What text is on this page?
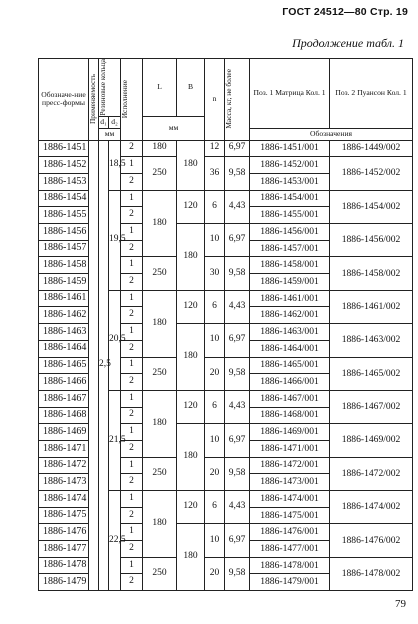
ГОСТ 24512—80 Стр. 19
Продолжение табл. 1
Обозначе-ние пресс-формы	Применяемость	Резиновые кольца		Исполнение	L	B	n	Масса, кг, не более	Поз. 1 Матрица Кол. 1	Поз. 2 Пуансон Кол. 1
		d₁	d₂		мм					
		мм							Обозначения	
1886-1451		2,5	18,5	2	180	180	12	6,97	1886-1451/001	1886-1449/002
1886-1452				1	250		36	9,58	1886-1452/001	1886-1452/002
1886-1453				2					1886-1453/001	
1886-1454			19,5	1	180	120	6	4,43	1886-1454/001	1886-1454/002
1886-1455				2					1886-1455/001	
1886-1456				1		180	10	6,97	1886-1456/001	1886-1456/002
1886-1457				2					1886-1457/001	
1886-1458				1	250		30	9,58	1886-1458/001	1886-1458/002
1886-1459				2					1886-1459/001	
1886-1461			20,5	1	180	120	6	4,43	1886-1461/001	1886-1461/002
1886-1462				2					1886-1462/001	
1886-1463				1		180	10	6,97	1886-1463/001	1886-1463/002
1886-1464				2					1886-1464/001	
1886-1465				1	250		20	9,58	1886-1465/001	1886-1465/002
1886-1466				2					1886-1466/001	
1886-1467			21,5	1	180	120	6	4,43	1886-1467/001	1886-1467/002
1886-1468				2					1886-1468/001	
1886-1469				1		180	10	6,97	1886-1469/001	1886-1469/002
1886-1471				2					1886-1471/001	
1886-1472				1	250		20	9,58	1886-1472/001	1886-1472/002
1886-1473				2					1886-1473/001	
1886-1474			22,5	1	180	120	6	4,43	1886-1474/001	1886-1474/002
1886-1475				2					1886-1475/001	
1886-1476				1		180	10	6,97	1886-1476/001	1886-1476/002
1886-1477				2					1886-1477/001	
1886-1478				1	250		20	9,58	1886-1478/001	1886-1478/002
1886-1479				2					1886-1479/001	
79
